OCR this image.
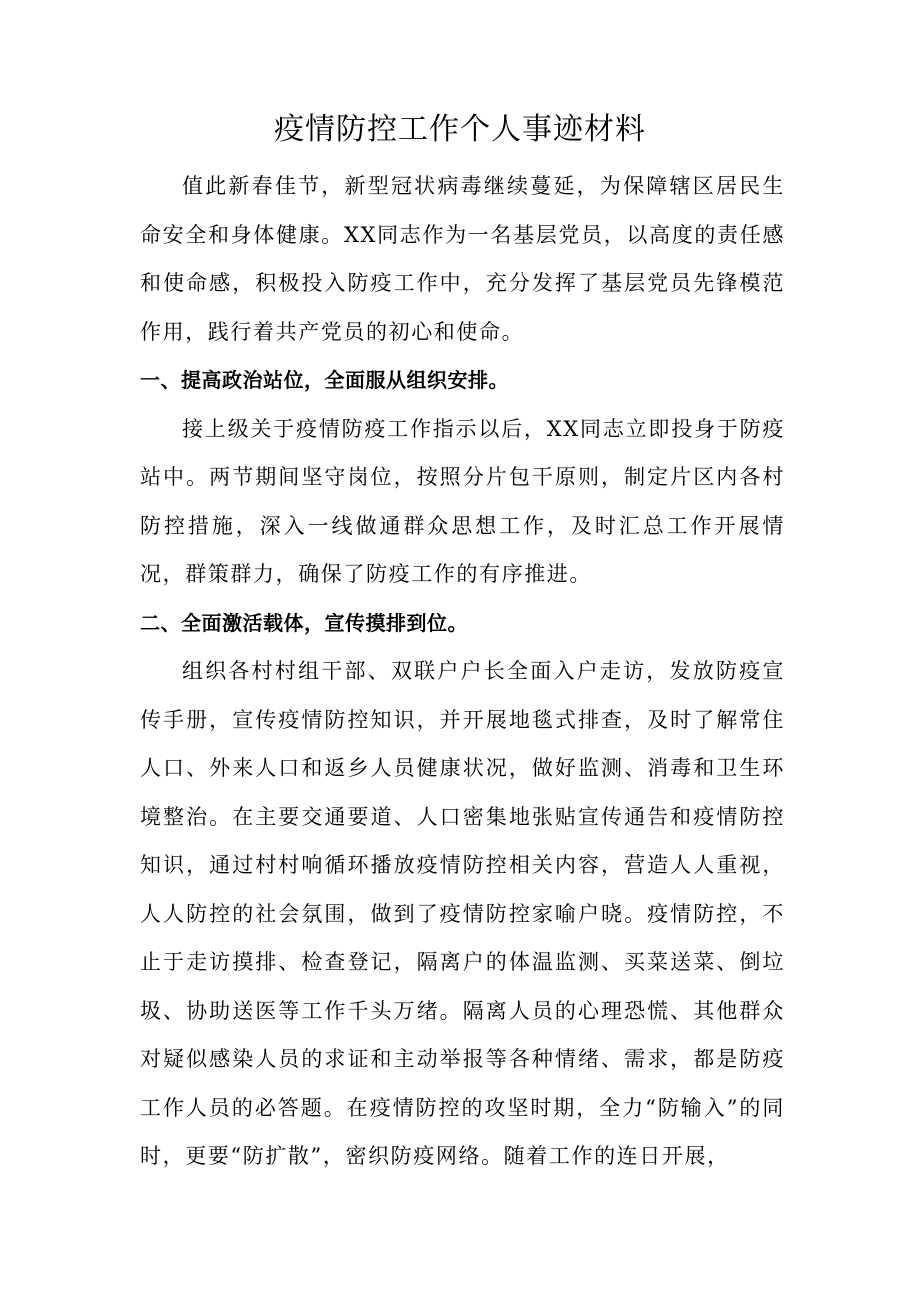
疫情防控工作个人事迹材料

值此新春佳节，新型冠状病毒继续蔓延，为保障辖区居民生命安全和身体健康。XX同志作为一名基层党员，以高度的责任感和使命感，积极投入防疫工作中，充分发挥了基层党员先锋模范作用，践行着共产党员的初心和使命。

一、提高政治站位，全面服从组织安排。

接上级关于疫情防疫工作指示以后，XX同志立即投身于防疫站中。两节期间坚守岗位，按照分片包干原则，制定片区内各村防控措施，深入一线做通群众思想工作，及时汇总工作开展情况，群策群力，确保了防疫工作的有序推进。

二、全面激活载体，宣传摸排到位。

组织各村村组干部、双联户户长全面入户走访，发放防疫宣传手册，宣传疫情防控知识，并开展地毯式排查，及时了解常住人口、外来人口和返乡人员健康状况，做好监测、消毒和卫生环境整治。在主要交通要道、人口密集地张贴宣传通告和疫情防控知识，通过村村响循环播放疫情防控相关内容，营造人人重视，人人防控的社会氛围，做到了疫情防控家喻户晓。疫情防控，不止于走访摸排、检查登记，隔离户的体温监测、买菜送菜、倒垃圾、协助送医等工作千头万绪。隔离人员的心理恐慌、其他群众对疑似感染人员的求证和主动举报等各种情绪、需求，都是防疫工作人员的必答题。在疫情防控的攻坚时期，全力“防输入”的同时，更要“防扩散”，密织防疫网络。随着工作的连日开展，
